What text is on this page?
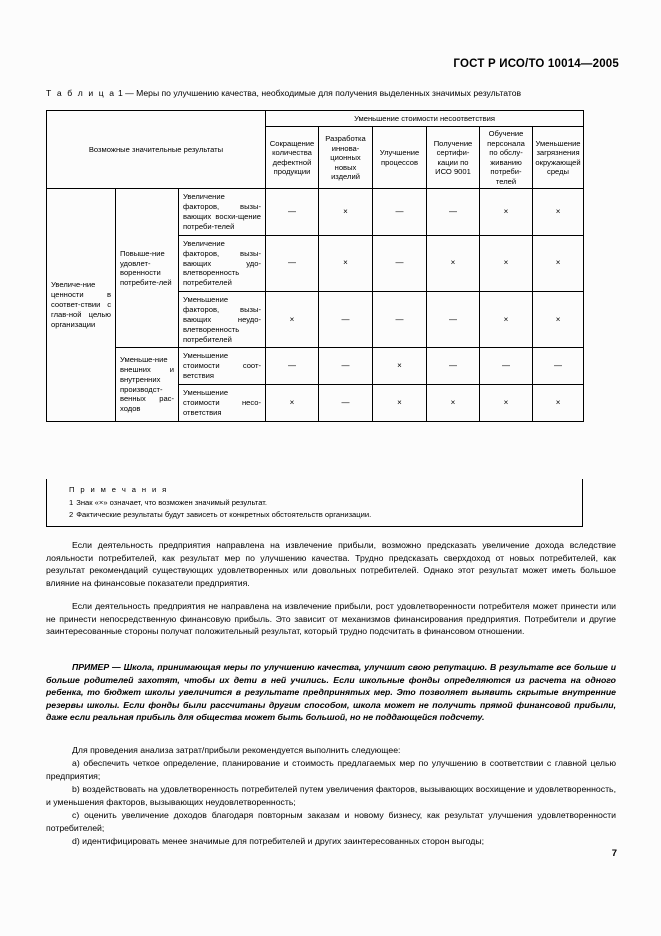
ГОСТ Р ИСО/ТО 10014—2005
Т а б л и ц а 1 — Меры по улучшению качества, необходимые для получения выделенных значимых результатов
Возможные значительные результаты			Уменьшение стоимости несоответствия					
			Сокращение количества дефектной продукции	Разработка иннова-ционных новых изделий	Улучшение процессов	Получение сертифи-кации по ИСО 9001	Обучение персонала по обслу-живанию потреби-телей	Уменьшение загрязнения окружающей среды
Увеличе-ние ценности в соответ-ствии с глав-ной целью организации	Повыше-ние удовлет-воренности потребите-лей	Увеличение факторов, вызы-вающих восхи-щение потреби-телей	—	×	—	—	×	×
		Увеличение факторов, вызы-вающих удо-влетворенность потребителей	—	×	—	×	×	×
		Уменьшение факторов, вызы-вающих неудо-влетворенность потребителей	×	—	—	—	×	×
	Уменьше-ние внешних и внутренних производст-венных рас-ходов	Уменьшение стоимости соот-ветствия	—	—	×	—	—	—
		Уменьшение стоимости несо-ответствия	×	—	×	×	×	×
П р и м е ч а н и я
1 Знак «×» означает, что возможен значимый результат.
2 Фактические результаты будут зависеть от конкретных обстоятельств организации.

Если деятельность предприятия направлена на извлечение прибыли, возможно предсказать увеличение дохода вследствие лояльности потребителей, как результат мер по улучшению качества. Трудно предсказать сверхдоход от новых потребителей, как результат рекомендаций существующих удовлетворенных или довольных потребителей. Однако этот результат может иметь большое влияние на финансовые показатели предприятия.

Если деятельность предприятия не направлена на извлечение прибыли, рост удовлетворенности потребителя может принести или не принести непосредственную финансовую прибыль. Это зависит от механизмов финансирования предприятия. Потребители и другие заинтересованные стороны получат положительный результат, который трудно подсчитать в финансовом отношении.

ПРИМЕР — Школа, принимающая меры по улучшению качества, улучшит свою репутацию. В результате все больше и больше родителей захотят, чтобы их дети в ней учились. Если школьные фонды определяются из расчета на одного ребенка, то бюджет школы увеличится в результате предпринятых мер. Это позволяет выявить скрытые внутренние резервы школы. Если фонды были рассчитаны другим способом, школа может не получить прямой финансовой прибыли, даже если реальная прибыль для общества может быть большой, но не поддающейся подсчету.

Для проведения анализа затрат/прибыли рекомендуется выполнить следующее:

a) обеспечить четкое определение, планирование и стоимость предлагаемых мер по улучшению в соответствии с главной целью предприятия;

b) воздействовать на удовлетворенность потребителей путем увеличения факторов, вызывающих восхищение и удовлетворенность, и уменьшения факторов, вызывающих неудовлетворенность;

c) оценить увеличение доходов благодаря повторным заказам и новому бизнесу, как результат улучшения удовлетворенности потребителей;

d) идентифицировать менее значимые для потребителей и других заинтересованных сторон выгоды;

7
